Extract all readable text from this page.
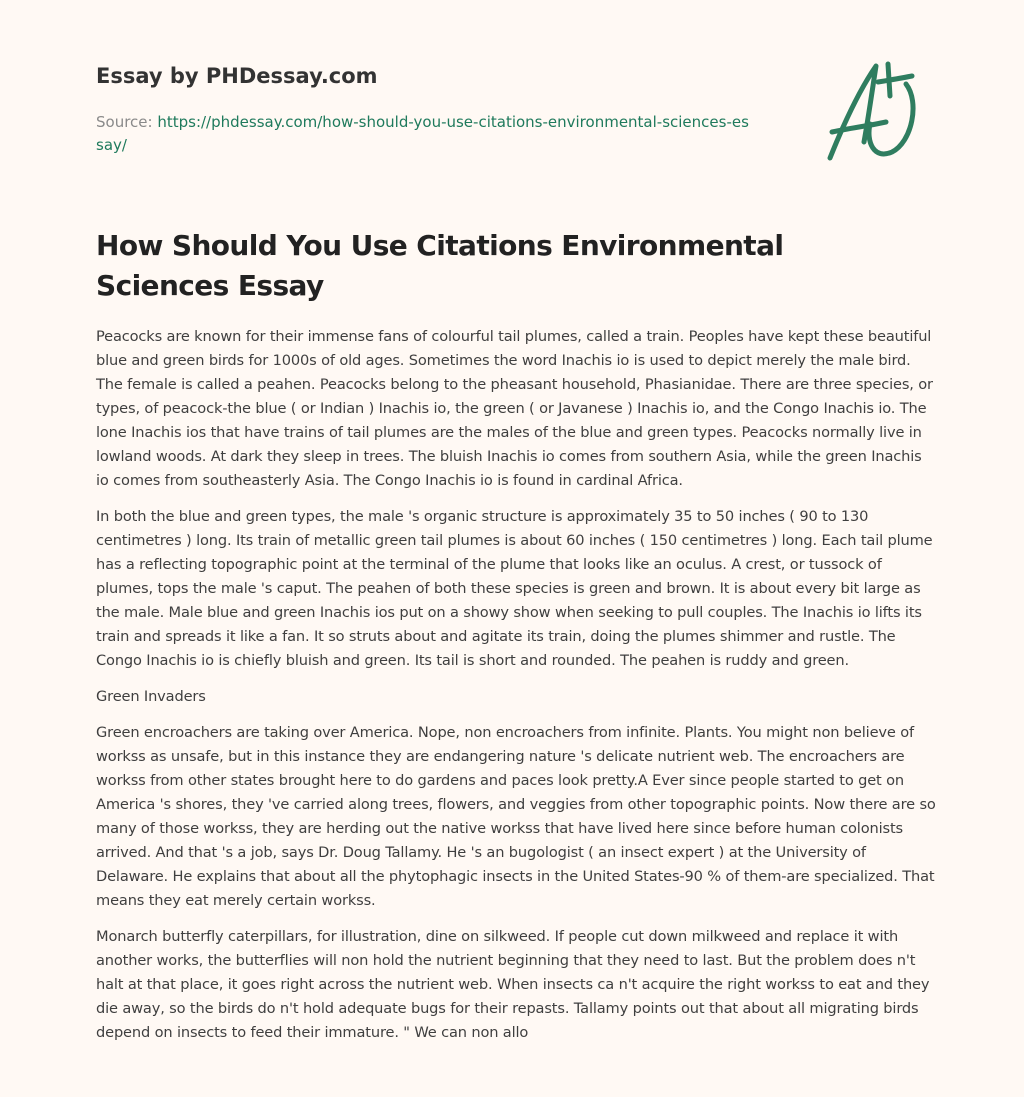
Essay by PHDessay.com
Source: https://phdessay.com/how-should-you-use-citations-environmental-sciences-essay/
How Should You Use Citations Environmental Sciences Essay

Peacocks are known for their immense fans of colourful tail plumes, called a train. Peoples have kept these beautiful blue and green birds for 1000s of old ages. Sometimes the word Inachis io is used to depict merely the male bird. The female is called a peahen. Peacocks belong to the pheasant household, Phasianidae. There are three species, or types, of peacock-the blue ( or Indian ) Inachis io, the green ( or Javanese ) Inachis io, and the Congo Inachis io. The lone Inachis ios that have trains of tail plumes are the males of the blue and green types. Peacocks normally live in lowland woods. At dark they sleep in trees. The bluish Inachis io comes from southern Asia, while the green Inachis io comes from southeasterly Asia. The Congo Inachis io is found in cardinal Africa.

In both the blue and green types, the male 's organic structure is approximately 35 to 50 inches ( 90 to 130 centimetres ) long. Its train of metallic green tail plumes is about 60 inches ( 150 centimetres ) long. Each tail plume has a reflecting topographic point at the terminal of the plume that looks like an oculus. A crest, or tussock of plumes, tops the male 's caput. The peahen of both these species is green and brown. It is about every bit large as the male. Male blue and green Inachis ios put on a showy show when seeking to pull couples. The Inachis io lifts its train and spreads it like a fan. It so struts about and agitate its train, doing the plumes shimmer and rustle. The Congo Inachis io is chiefly bluish and green. Its tail is short and rounded. The peahen is ruddy and green.

Green Invaders

Green encroachers are taking over America. Nope, non encroachers from infinite. Plants. You might non believe of workss as unsafe, but in this instance they are endangering nature 's delicate nutrient web. The encroachers are workss from other states brought here to do gardens and paces look pretty.A Ever since people started to get on America 's shores, they 've carried along trees, flowers, and veggies from other topographic points. Now there are so many of those workss, they are herding out the native workss that have lived here since before human colonists arrived. And that 's a job, says Dr. Doug Tallamy. He 's an bugologist ( an insect expert ) at the University of Delaware. He explains that about all the phytophagic insects in the United States-90 % of them-are specialized. That means they eat merely certain workss.

Monarch butterfly caterpillars, for illustration, dine on silkweed. If people cut down milkweed and replace it with another works, the butterflies will non hold the nutrient beginning that they need to last. But the problem does n't halt at that place, it goes right across the nutrient web. When insects ca n't acquire the right workss to eat and they die away, so the birds do n't hold adequate bugs for their repasts. Tallamy points out that about all migrating birds depend on insects to feed their immature. " We can non allo
